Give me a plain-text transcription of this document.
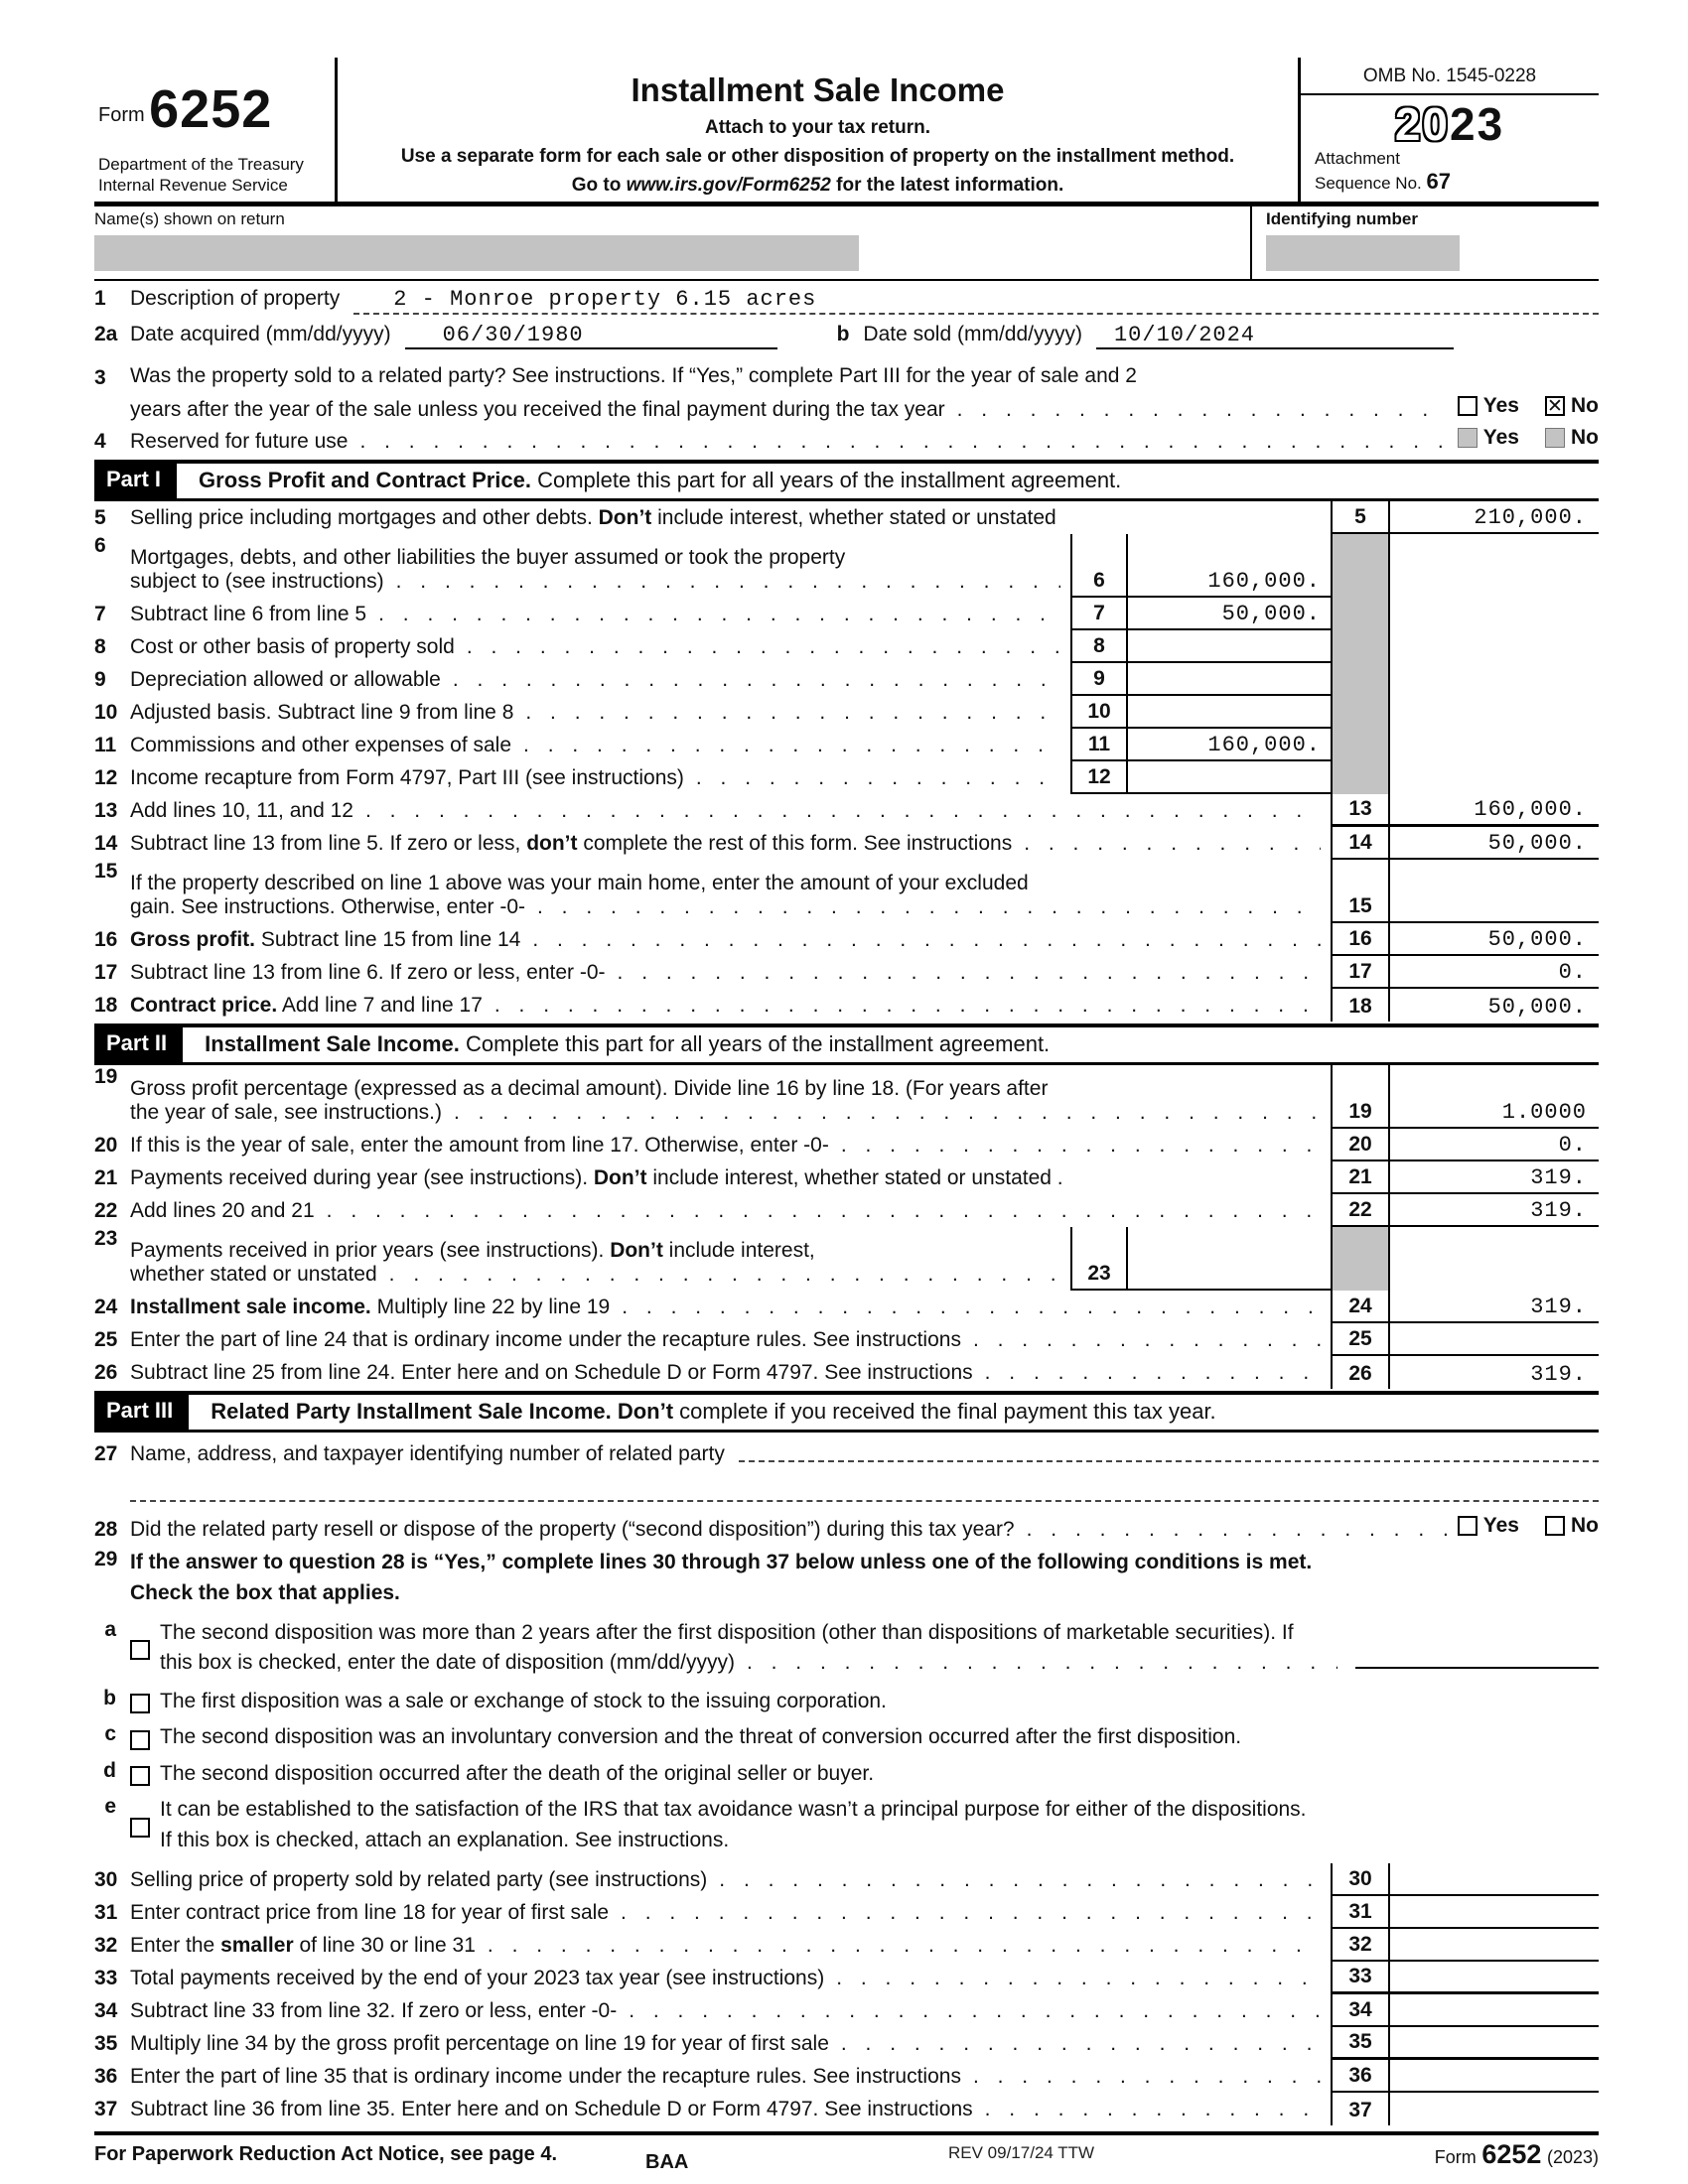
Form 6252
Department of the Treasury
Internal Revenue Service
Installment Sale Income
Attach to your tax return.
Use a separate form for each sale or other disposition of property on the installment method.
Go to www.irs.gov/Form6252 for the latest information.
OMB No. 1545-0228
2023
Attachment
Sequence No. 67
Name(s) shown on return	Identifying number
1	Description of property	2 - Monroe property 6.15 acres
2a Date acquired (mm/dd/yyyy)	06/30/1980	b Date sold (mm/dd/yyyy)	10/10/2024
3	Was the property sold to a related party? See instructions. If “Yes,” complete Part III for the year of sale and 2
years after the year of the sale unless you received the final payment during the tax year . . .	Yes ✕ No
4	Reserved for future use . . .	Yes No
Part I	Gross Profit and Contract Price. Complete this part for all years of the installment agreement.
5	Selling price including mortgages and other debts. Don’t include interest, whether stated or unstated	5	210,000.
6
Mortgages, debts, and other liabilities the buyer assumed or took the property
subject to (see instructions) . . .	6	160,000.
7	Subtract line 6 from line 5 . . .	7	50,000.
8	Cost or other basis of property sold . . .	8
9	Depreciation allowed or allowable . . .	9
10 Adjusted basis. Subtract line 9 from line 8 . . .	10
11 Commissions and other expenses of sale . . .	11	160,000.
12 Income recapture from Form 4797, Part III (see instructions) . . .	12
13 Add lines 10, 11, and 12 . . .	13	160,000.
14 Subtract line 13 from line 5. If zero or less, don’t complete the rest of this form. See instructions . . .	14	50,000.
15
If the property described on line 1 above was your main home, enter the amount of your excluded
gain. See instructions. Otherwise, enter -0- . . .	15
16 Gross profit. Subtract line 15 from line 14 . . .	16	50,000.
17 Subtract line 13 from line 6. If zero or less, enter -0- . . .	17	0.
18 Contract price. Add line 7 and line 17 . . .	18	50,000.
Part II	Installment Sale Income. Complete this part for all years of the installment agreement.
19
Gross profit percentage (expressed as a decimal amount). Divide line 16 by line 18. (For years after
the year of sale, see instructions.) . . .	19	1.0000
20 If this is the year of sale, enter the amount from line 17. Otherwise, enter -0- . . .	20	0.
21 Payments received during year (see instructions). Don’t include interest, whether stated or unstated .	21	319.
22 Add lines 20 and 21 . . .	22	319.
23
Payments received in prior years (see instructions). Don’t include interest,
whether stated or unstated . . .	23
24 Installment sale income. Multiply line 22 by line 19 . . .	24	319.
25 Enter the part of line 24 that is ordinary income under the recapture rules. See instructions . . .	25
26 Subtract line 25 from line 24. Enter here and on Schedule D or Form 4797. See instructions . . .	26	319.
Part III	Related Party Installment Sale Income. Don’t complete if you received the final payment this tax year.
27 Name, address, and taxpayer identifying number of related party
28 Did the related party resell or dispose of the property (“second disposition”) during this tax year? . . .	Yes No
29 If the answer to question 28 is “Yes,” complete lines 30 through 37 below unless one of the following conditions is met.
Check the box that applies.
a	The second disposition was more than 2 years after the first disposition (other than dispositions of marketable securities). If
this box is checked, enter the date of disposition (mm/dd/yyyy)
. . .
b	The first disposition was a sale or exchange of stock to the issuing corporation.
c	The second disposition was an involuntary conversion and the threat of conversion occurred after the first disposition.
d	The second disposition occurred after the death of the original seller or buyer.
e	It can be established to the satisfaction of the IRS that tax avoidance wasn’t a principal purpose for either of the dispositions.
If this box is checked, attach an explanation. See instructions.
30 Selling price of property sold by related party (see instructions) . . .	30
31 Enter contract price from line 18 for year of first sale . . .	31
32 Enter the smaller of line 30 or line 31 . . .	32
33 Total payments received by the end of your 2023 tax year (see instructions) . . .	33
34 Subtract line 33 from line 32. If zero or less, enter -0- . . .	34
35 Multiply line 34 by the gross profit percentage on line 19 for year of first sale . . .	35
36 Enter the part of line 35 that is ordinary income under the recapture rules. See instructions . . .	36
37 Subtract line 36 from line 35. Enter here and on Schedule D or Form 4797. See instructions . . .	37
For Paperwork Reduction Act Notice, see page 4.	BAA	REV 09/17/24 TTW	Form 6252 (2023)
